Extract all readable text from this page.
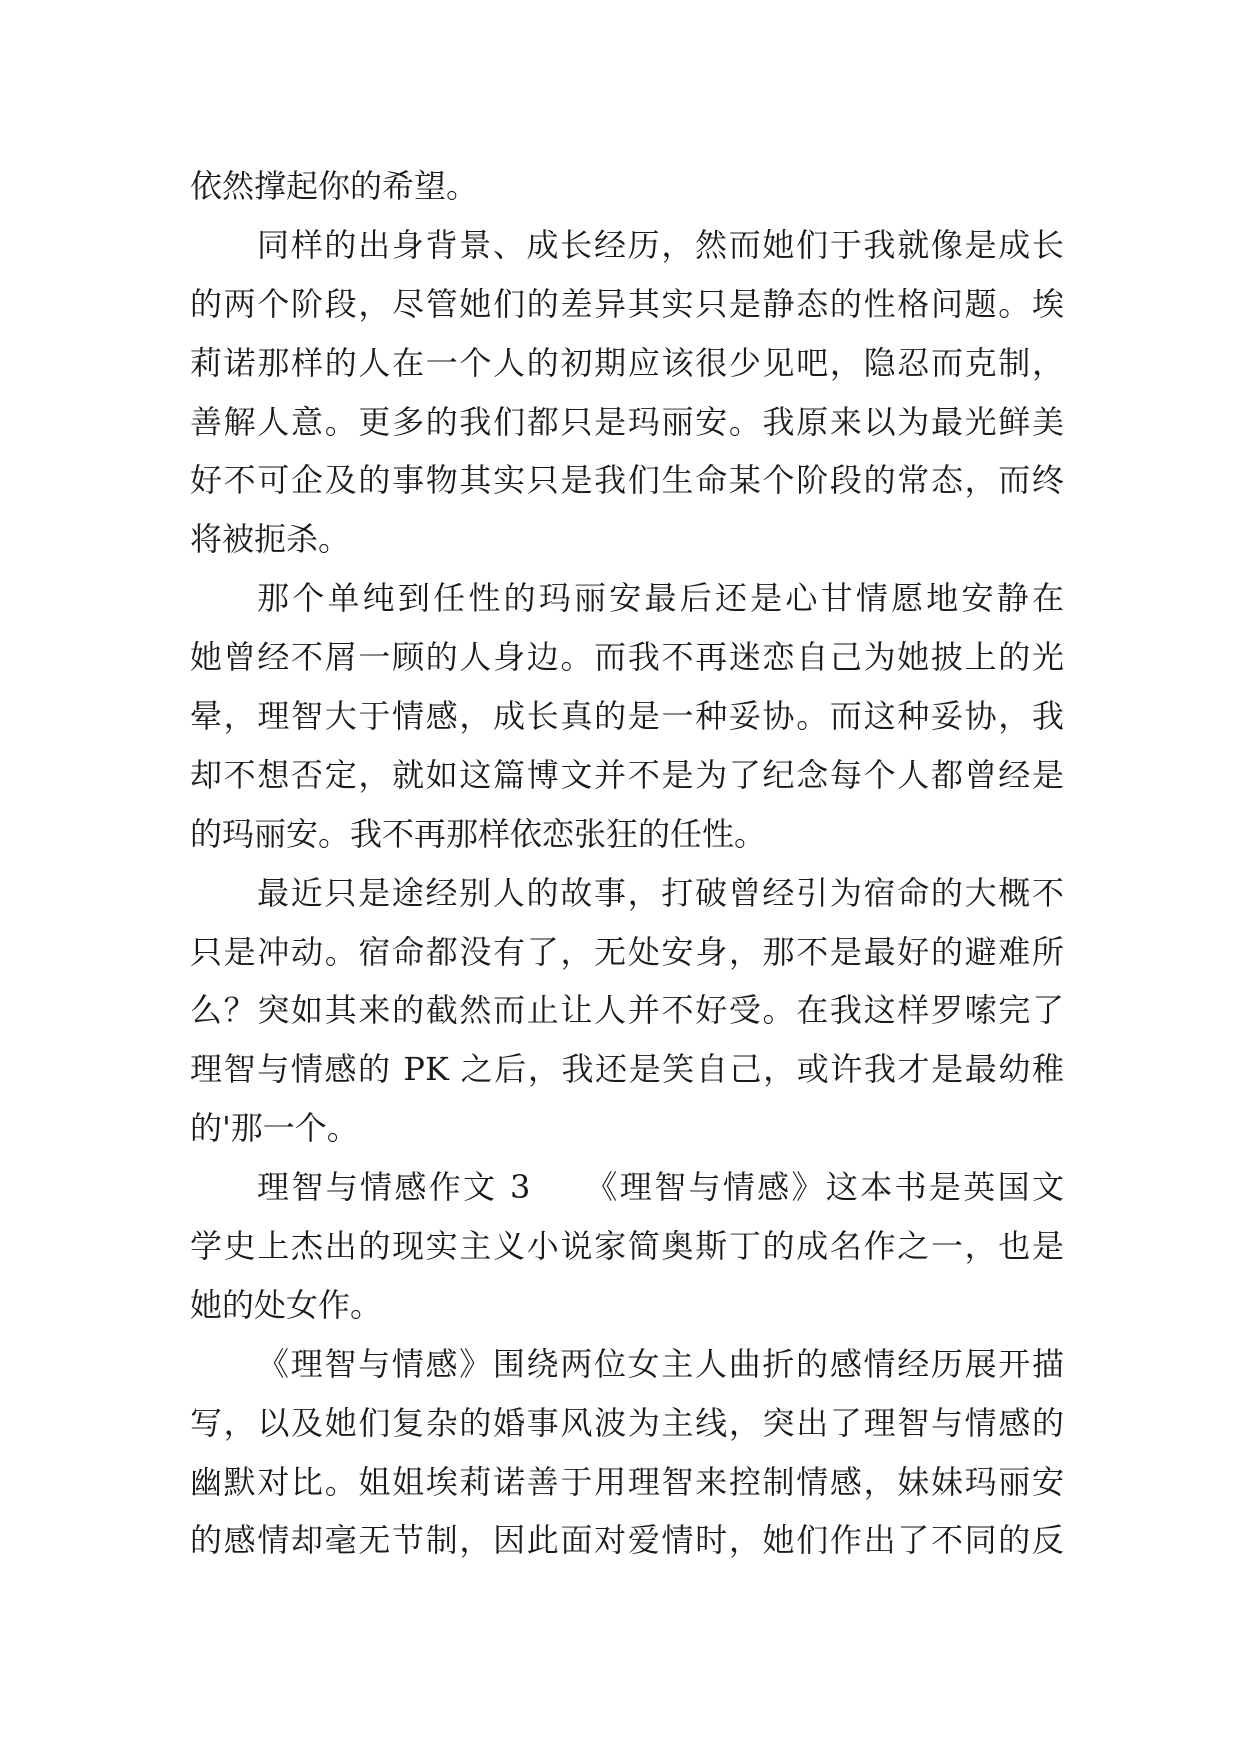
依然撑起你的希望。
同样的出身背景、成长经历，然而她们于我就像是成长
的两个阶段，尽管她们的差异其实只是静态的性格问题。埃
莉诺那样的人在一个人的初期应该很少见吧，隐忍而克制，
善解人意。更多的我们都只是玛丽安。我原来以为最光鲜美
好不可企及的事物其实只是我们生命某个阶段的常态，而终
将被扼杀。
那个单纯到任性的玛丽安最后还是心甘情愿地安静在
她曾经不屑一顾的人身边。而我不再迷恋自己为她披上的光
晕，理智大于情感，成长真的是一种妥协。而这种妥协，我
却不想否定，就如这篇博文并不是为了纪念每个人都曾经是
的玛丽安。我不再那样依恋张狂的任性。
最近只是途经别人的故事，打破曾经引为宿命的大概不
只是冲动。宿命都没有了，无处安身，那不是最好的避难所
么？突如其来的截然而止让人并不好受。在我这样罗嗦完了
理智与情感的 PK 之后，我还是笑自己，或许我才是最幼稚
的'那一个。
理智与情感作文 3　　《理智与情感》这本书是英国文
学史上杰出的现实主义小说家简奥斯丁的成名作之一，也是
她的处女作。
《理智与情感》围绕两位女主人曲折的感情经历展开描
写，以及她们复杂的婚事风波为主线，突出了理智与情感的
幽默对比。姐姐埃莉诺善于用理智来控制情感，妹妹玛丽安
的感情却毫无节制，因此面对爱情时，她们作出了不同的反
